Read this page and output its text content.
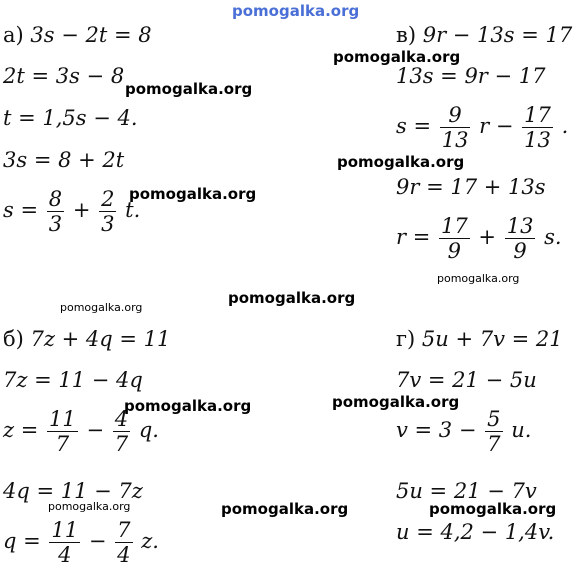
pomogalka.org
pomogalka.org
pomogalka.org
pomogalka.org
pomogalka.org
pomogalka.org
pomogalka.org
pomogalka.org
pomogalka.org	pomogalka.org
pomogalka.org	pomogalka.org	pomogalka.org
а) 3s − 2t = 8
2t = 3s − 8
t = 1,5s − 4.
3s = 8 + 2t
$s = \frac{8}{3} + \frac{2}{3} t$.
в) 9r − 13s = 17
13s = 9r − 17
$s = \frac{9}{13}$ $r - \frac{17}{13}$ .
9r = 17 + 13s
$r = \frac{17}{9} + \frac{13}{9} s$.
б) 7z + 4q = 11
7z = 11 − 4q
$z = \frac{11}{7} - \frac{4}{7} q$.
4q = 11 − 7z
$q = \frac{11}{4} - \frac{7}{4} z$.
г) 5u + 7v = 21
7v = 21 − 5u
$v = 3 - \frac{5}{7} u$.
5u = 21 − 7v
u = 4,2 − 1,4v.
